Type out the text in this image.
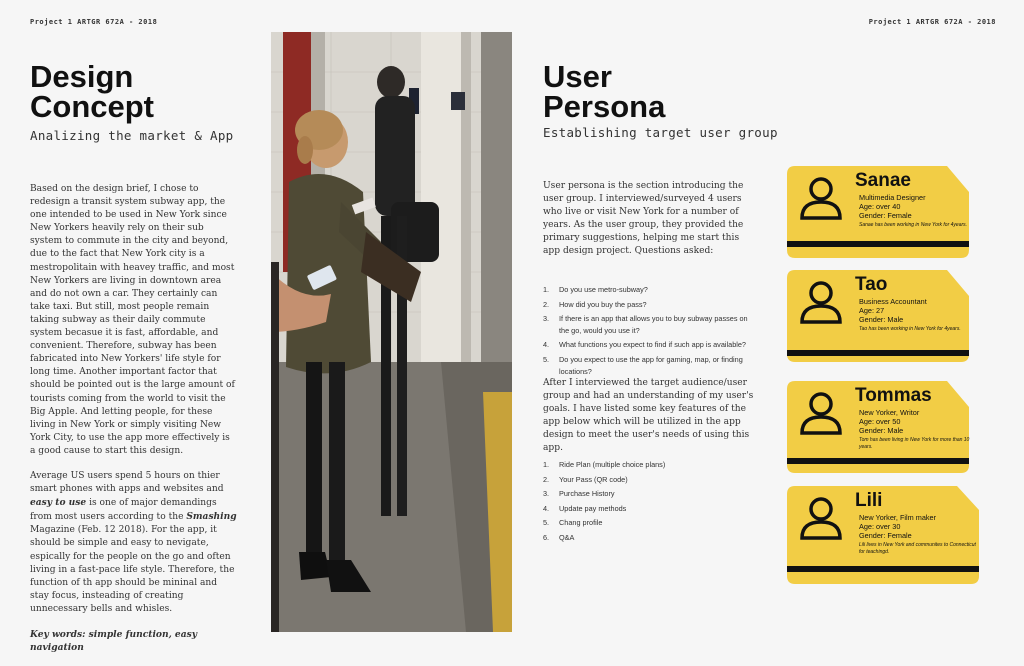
Project 1 ARTGR 672A - 2018	Project 1 ARTGR 672A - 2018
Design
Concept
Analizing the market & App

Based on the design brief, I chose to redesign a transit system subway app, the one intended to be used in New York since New Yorkers heavily rely on their sub system to commute in the city and beyond, due to the fact that New York city is a mestropolitain with heavey traffic, and most New Yorkers are living in downtown area and do not own a car. They certainly can take taxi. But still, most people remain taking subway as their daily commute system becasue it is fast, affordable, and convenient. Therefore, subway has been fabricated into New Yorkers' life style for long time. Another important factor that should be pointed out is the large amount of tourists coming from the world to visit the Big Apple. And letting people, for these living in New York or simply visiting New York City, to use the app more effectively is a good cause to start this design.

Average US users spend 5 hours on thier smart phones with apps and websites and easy to use is one of major demandings from most users according to the Smashing Magazine (Feb. 12 2018). For the app, it should be simple and easy to nevigate, espically for the people on the go and often living in a fast-pace life style. Therefore, the function of th app should be mininal and stay focus, insteading of creating unnecessary bells and whisles.

Key words: simple function, easy navigation

User
Persona
Establishing target user group

User persona is the section introducing the user group. I interviewed/surveyed 4 users who live or visit New York for a number of years. As the user group, they provided the primary suggestions, helping me start this app design project. Questions asked:

1.	Do you use metro-subway?
2.	How did you buy the pass?
3.	If there is an app that allows you to buy subway passes on the go, would you use it?
4.	What functions you expect to find if such app is available?
5.	Do you expect to use the app for gaming, map, or finding locations?

After I interviewed the target audience/user group and had an understanding of my user's goals. I have listed some key features of the app below which will be utilized in the app design to meet the user's needs of using this app.

1.	Ride Plan (multiple choice plans)
2.	Your Pass (QR code)
3.	Purchase History
4.	Update pay methods
5.	Chang profile
6.	Q&A
Sanae
Multimedia Designer
Age: over 40
Gender: Female
Sanae has been working in New York for 4years.
Tao
Business Accountant
Age: 27
Gender: Male
Tao has been working in New York for 4years.
Tommas
New Yorker, Writor
Age: over 50
Gender: Male
Tom has been living in New York for more than 10 years.
Lili
New Yorker, Film maker
Age: over 30
Gender: Female
Lili lives in New York and communites to Connecticut for teachingd.
